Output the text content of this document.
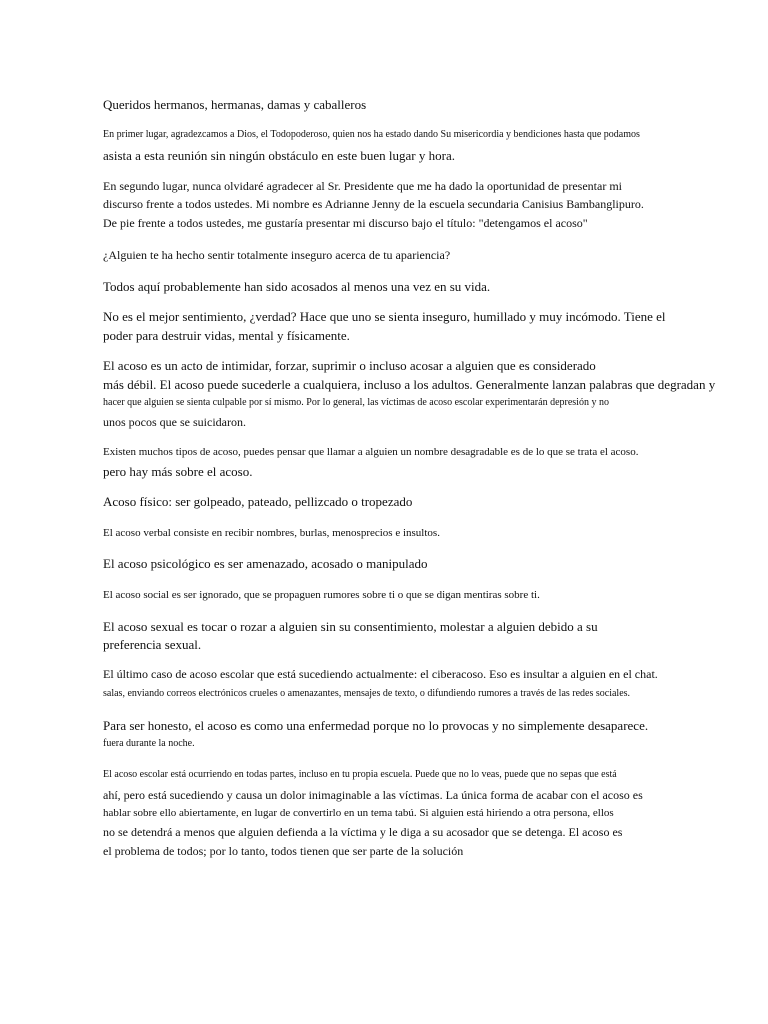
Queridos hermanos, hermanas, damas y caballeros
En primer lugar, agradezcamos a Dios, el Todopoderoso, quien nos ha estado dando Su misericordia y bendiciones hasta que podamos
asista a esta reunión sin ningún obstáculo en este buen lugar y hora.
En segundo lugar, nunca olvidaré agradecer al Sr. Presidente que me ha dado la oportunidad de presentar mi
discurso frente a todos ustedes. Mi nombre es Adrianne Jenny de la escuela secundaria Canisius Bambanglipuro.
De pie frente a todos ustedes, me gustaría presentar mi discurso bajo el título: "detengamos el acoso"
¿Alguien te ha hecho sentir totalmente inseguro acerca de tu apariencia?
Todos aquí probablemente han sido acosados al menos una vez en su vida.
No es el mejor sentimiento, ¿verdad? Hace que uno se sienta inseguro, humillado y muy incómodo. Tiene el
poder para destruir vidas, mental y físicamente.
El acoso es un acto de intimidar, forzar, suprimir o incluso acosar a alguien que es considerado
más débil. El acoso puede sucederle a cualquiera, incluso a los adultos. Generalmente lanzan palabras que degradan y
hacer que alguien se sienta culpable por sí mismo. Por lo general, las víctimas de acoso escolar experimentarán depresión y no
unos pocos que se suicidaron.
Existen muchos tipos de acoso, puedes pensar que llamar a alguien un nombre desagradable es de lo que se trata el acoso.
pero hay más sobre el acoso.
Acoso físico: ser golpeado, pateado, pellizcado o tropezado
El acoso verbal consiste en recibir nombres, burlas, menosprecios e insultos.
El acoso psicológico es ser amenazado, acosado o manipulado
El acoso social es ser ignorado, que se propaguen rumores sobre ti o que se digan mentiras sobre ti.
El acoso sexual es tocar o rozar a alguien sin su consentimiento, molestar a alguien debido a su
preferencia sexual.
El último caso de acoso escolar que está sucediendo actualmente: el ciberacoso. Eso es insultar a alguien en el chat.
salas, enviando correos electrónicos crueles o amenazantes, mensajes de texto, o difundiendo rumores a través de las redes sociales.
Para ser honesto, el acoso es como una enfermedad porque no lo provocas y no simplemente desaparece.
fuera durante la noche.
El acoso escolar está ocurriendo en todas partes, incluso en tu propia escuela. Puede que no lo veas, puede que no sepas que está
ahí, pero está sucediendo y causa un dolor inimaginable a las víctimas. La única forma de acabar con el acoso es
hablar sobre ello abiertamente, en lugar de convertirlo en un tema tabú. Si alguien está hiriendo a otra persona, ellos
no se detendrá a menos que alguien defienda a la víctima y le diga a su acosador que se detenga. El acoso es
el problema de todos; por lo tanto, todos tienen que ser parte de la solución
